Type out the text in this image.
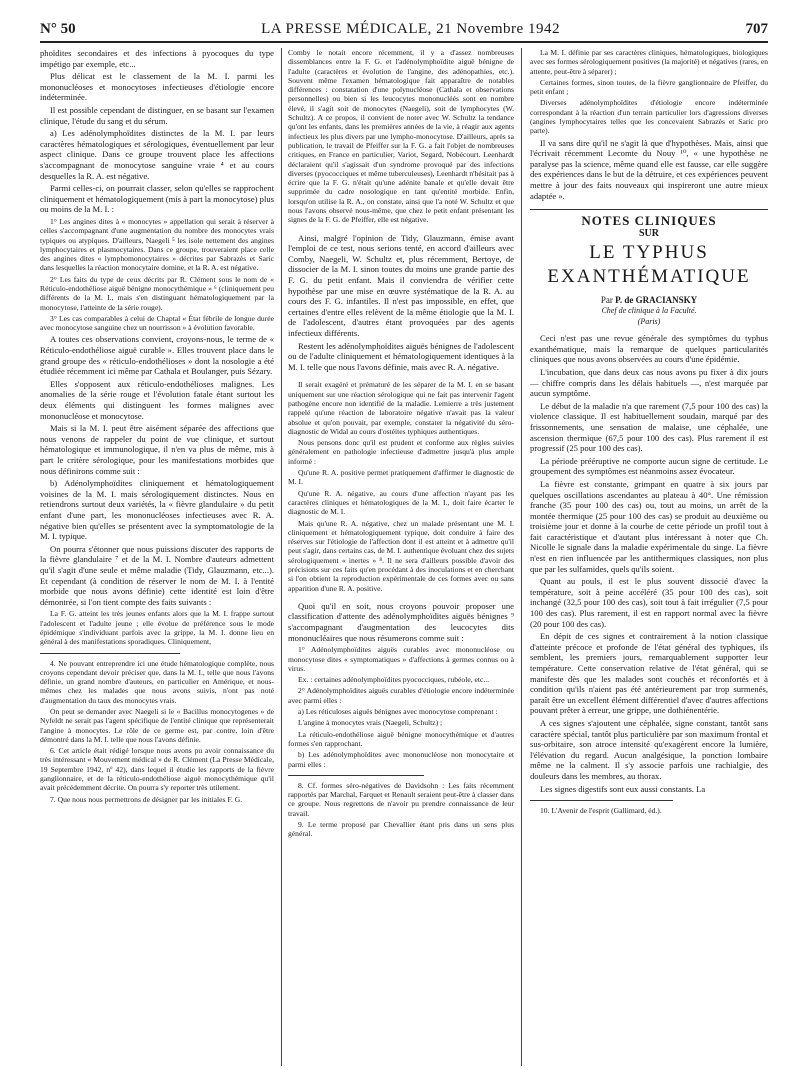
N° 50	LA PRESSE MÉDICALE, 21 Novembre 1942	707

phoïdites secondaires et des infections à pyocoques du type impétigo par exemple, etc...

Plus délicat est le classement de la M. I. parmi les mononucléoses et monocytoses infectieuses d'étiologie encore indéterminée.

Il est possible cependant de distinguer, en se basant sur l'examen clinique, l'étude du sang et du sérum.

a) Les adénolymphoïdites distinctes de la M. I. par leurs caractères hématologiques et sérologiques, éventuellement par leur aspect clinique. Dans ce groupe trouvent place les affections s'accompagnant de monocytose sanguine vraie ⁴ et au cours desquelles la R. A. est négative.

Parmi celles-ci, on pourrait classer, selon qu'elles se rapprochent cliniquement et hématologiquement (mis à part la monocytose) plus ou moins de la M. I. :

1° Les angines dites à « monocytes » appellation qui serait à réserver à celles s'accompagnant d'une augmentation du nombre des monocytes vrais typiques ou atypiques. D'ailleurs, Naegeli ⁵ les isole nettement des angines lymphocytaires et plasmocytaires. Dans ce groupe, trouveraient place celle des angines dites « lymphomonocytaires » décrites par Sabrazès et Saric dans lesquelles la réaction monocytaire domine, et la R. A. est négative.

2° Les faits du type de ceux décrits par R. Clément sous le nom de « Réticulo-endothéliose aiguë bénigne monocythémique » ⁶ (cliniquement peu différents de la M. I., mais s'en distinguant hématologiquement par la monocytose, l'atteinte de la série rouge).

3° Les cas comparables à celui de Chaptal « État fébrile de longue durée avec monocytose sanguine chez un nourrisson » à évolution favorable.

A toutes ces observations convient, croyons-nous, le terme de « Réticulo-endothéliose aiguë curable ». Elles trouvent place dans le grand groupe des « réticulo-endothélioses » dont la nosologie a été étudiée récemment ici même par Cathala et Boulanger, puis Sézary.

Elles s'opposent aux réticulo-endothélioses malignes. Les anomalies de la série rouge et l'évolution fatale étant surtout les deux éléments qui distinguent les formes malignes avec mononucléose et monocytose.

Mais si la M. I. peut être aisément séparée des affections que nous venons de rappeler du point de vue clinique, et surtout hématologique et immunologique, il n'en va plus de même, mis à part le critère sérologique, pour les manifestations morbides que nous définirons comme suit :

b) Adénolymphoïdites cliniquement et hématologiquement voisines de la M. I. mais sérologiquement distinctes. Nous en retiendrons surtout deux variétés, la « fièvre glandulaire » du petit enfant d'une part, les mononucléoses infectieuses avec R. A. négative bien qu'elles se présentent avec la symptomatologie de la M. I. typique.

On pourra s'étonner que nous puissions discuter des rapports de la fièvre glandulaire ⁷ et de la M. I. Nombre d'auteurs admettent qu'il s'agit d'une seule et même maladie (Tidy, Glauzmann, etc...). Et cependant (à condition de réserver le nom de M. I. à l'entité morbide que nous avons définie) cette identité est loin d'être démontrée, si l'on tient compte des faits suivants :

La F. G. atteint les très jeunes enfants alors que la M. I. frappe surtout l'adolescent et l'adulte jeune ; elle évolue de préférence sous le mode épidémique s'individuant parfois avec la grippe, la M. I. donne lieu en général à des manifestations sporadiques. Cliniquement,

4. Ne pouvant entreprendre ici une étude hématologique complète, nous croyons cependant devoir préciser que, dans la M. I., telle que nous l'avons définie, un grand nombre d'auteurs, en particulier en Amérique, et nous-mêmes chez les malades que nous avons suivis, n'ont pas noté d'augmentation du taux des monocytes vrais.

On peut se demander avec Naegeli si le « Bacillus monocytogenes » de Nyfeldt ne serait pas l'agent spécifique de l'entité clinique que représenterait l'angine à monocytes. Le rôle de ce germe est, par contre, loin d'être démontré dans la M. I. telle que nous l'avons définie.

6. Cet article était rédigé lorsque nous avons pu avoir connaissance du très intéressant « Mouvement médical » de R. Clément (La Presse Médicale, 19 Septembre 1942, nº 42), dans lequel il étudie les rapports de la fièvre ganglionnaire, et de la réticulo-endothéliose aiguë monocythémique qu'il avait précédemment décrite. On pourra s'y reporter très utilement.

7. Que nous nous permettrons de désigner par les initiales F. G.

Comby le notait encore récemment, il y a d'assez nombreuses dissemblances entre la F. G. et l'adénolymphoïdite aiguë bénigne de l'adulte (caractères et évolution de l'angine, des adénopathies, etc.). Souvent même l'examen hématologique fait apparaître de notables différences : constatation d'une polynucléose (Cathala et observations personnelles) ou bien si les leucocytes mononucléés sont en nombre élevé, il s'agit soit de monocytes (Naegeli), soit de lymphocytes (W. Schultz). A ce propos, il convient de noter avec W. Schultz la tendance qu'ont les enfants, dans les premières années de la vie, à réagir aux agents infectieux les plus divers par une lympho-monocytose. D'ailleurs, après sa publication, le travail de Pfeiffer sur la F. G. a fait l'objet de nombreuses critiques, en France en particulier, Variot, Segard, Nobécourt. Leenhardt déclaraient qu'il s'agissait d'un syndrome provoqué par des infections diverses (pyococciques et même tuberculeuses), Leenhardt n'hésitait pas à écrire que la F. G. n'était qu'une adénite banale et qu'elle devait être supprimée du cadre nosologique en tant qu'entité morbide. Enfin, lorsqu'on utilise la R. A., on constate, ainsi que l'a noté W. Schultz et que nous l'avons observé nous-même, que chez le petit enfant présentant les signes de la F. G. de Pfeiffer, elle est négative.

Ainsi, malgré l'opinion de Tidy, Glauzmann, émise avant l'emploi de ce test, nous serions tenté, en accord d'ailleurs avec Comby, Naegeli, W. Schultz et, plus récemment, Bertoye, de dissocier de la M. I. sinon toutes du moins une grande partie des F. G. du petit enfant. Mais il conviendra de vérifier cette hypothèse par une mise en œuvre systématique de la R. A. au cours des F. G. infantiles. Il n'est pas impossible, en effet, que certaines d'entre elles relèvent de la même étiologie que la M. I. de l'adolescent, d'autres étant provoquées par des agents infectieux différents.

Restent les adénolymphoïdites aiguës bénignes de l'adolescent ou de l'adulte cliniquement et hématologiquement identiques à la M. I. telle que nous l'avons définie, mais avec R. A. négative.

Il serait exagéré et prématuré de les séparer de la M. I. en se basant uniquement sur une réaction sérologique qui ne fait pas intervenir l'agent pathogène encore non identifié de la maladie. Lemierre a très justement rappelé qu'une réaction de laboratoire négative n'avait pas la valeur absolue et qu'on pouvait, par exemple, constater la négativité du séro-diagnostic de Widal au cours d'ostéites typhiques authentiques.

Nous pensons donc qu'il est prudent et conforme aux règles suivies généralement en pathologie infectieuse d'admettre jusqu'à plus ample informé :

Qu'une R. A. positive permet pratiquement d'affirmer le diagnostic de M. I.

Qu'une R. A. négative, au cours d'une affection n'ayant pas les caractères cliniques et hématologiques de la M. I., doit faire écarter le diagnostic de M. I.

Mais qu'une R. A. négative, chez un malade présentant une M. I. cliniquement et hématologiquement typique, doit conduire à faire des réserves sur l'étiologie de l'affection dont il est atteint et à admettre qu'il peut s'agir, dans certains cas, de M. I. authentique évoluant chez des sujets sérologiquement « inertes » ⁸. Il ne sera d'ailleurs possible d'avoir des précisions sur ces faits qu'en procédant à des inoculations et en cherchant si l'on obtient la reproduction expérimentale de ces formes avec ou sans apparition d'une R. A. positive.

Quoi qu'il en soit, nous croyons pouvoir proposer une classification d'attente des adénolymphoïdites aiguës bénignes ⁹ s'accompagnant d'augmentation des leucocytes dits mononucléaires que nous résumerons comme suit :

1° Adénolymphoïdites aiguës curables avec mononucléose ou monocytose dites « symptomatiques » d'affections à germes connus ou à virus.

Ex. : certaines adénolymphoïdites pyococciques, rubéole, etc...

2° Adénolymphoïdites aiguës curables d'étiologie encore indéterminée avec parmi elles :

a) Les réticuloses aiguës bénignes avec monocytose comprenant :

L'angine à monocytes vrais (Naegeli, Schultz) ;

La réticulo-endothéliose aiguë bénigne monocythémique et d'autres formes s'en rapprochant.

b) Les adénolymphoïdites avec mononucléose non monocytaire et parmi elles :

8. Cf. formes séro-négatives de Davidsohn : Les faits récemment rapportés par Marchal, Farquet et Renault seraient peut-être à classer dans ce groupe. Nous regrettons de n'avoir pu prendre connaissance de leur travail.

9. Le terme proposé par Chevallier étant pris dans un sens plus général.

La M. I. définie par ses caractères cliniques, hématologiques, biologiques avec ses formes sérologiquement positives (la majorité) et négatives (rares, en attente, peut-être à séparer) ;

Certaines formes, sinon toutes, de la fièvre ganglionnaire de Pfeiffer, du petit enfant ;

Diverses adénolymphoïdites d'étiologie encore indéterminée correspondant à la réaction d'un terrain particulier lors d'agressions diverses (angines lymphocytaires telles que les concevaient Sabrazès et Saric pro parte).

Il va sans dire qu'il ne s'agit là que d'hypothèses. Mais, ainsi que l'écrivait récemment Lecomte du Nouy ¹⁰, « une hypothèse ne paralyse pas la science, même quand elle est fausse, car elle suggère des expériences dans le but de la détruire, et ces expériences peuvent mettre à jour des faits nouveaux qui inspireront une autre mieux adaptée ».

NOTES CLINIQUES
SUR
LE TYPHUS
EXANTHÉMATIQUE
Par P. de GRACIANSKY
Chef de clinique à la Faculté.
(Paris)

Ceci n'est pas une revue générale des symptômes du typhus exanthématique, mais la remarque de quelques particularités cliniques que nous avons observées au cours d'une épidémie.

L'incubation, que dans deux cas nous avons pu fixer à dix jours — chiffre compris dans les délais habituels —, n'est marquée par aucun symptôme.

Le début de la maladie n'a que rarement (7,5 pour 100 des cas) la violence classique. Il est habituellement soudain, marqué par des frissonnements, une sensation de malaise, une céphalée, une ascension thermique (67,5 pour 100 des cas). Plus rarement il est progressif (25 pour 100 des cas).

La période prééruptive ne comporte aucun signe de certitude. Le groupement des symptômes est néanmoins assez évocateur.

La fièvre est constante, grimpant en quatre à six jours par quelques oscillations ascendantes au plateau à 40°. Une rémission franche (35 pour 100 des cas) ou, tout au moins, un arrêt de la montée thermique (25 pour 100 des cas) se produit au deuxième ou troisième jour et donne à la courbe de cette période un profil tout à fait caractéristique et d'autant plus intéressant à noter que Ch. Nicolle le signale dans la maladie expérimentale du singe. La fièvre n'est en rien influencée par les antithermiques classiques, non plus que par les sulfamides, quels qu'ils soient.

Quant au pouls, il est le plus souvent dissocié d'avec la température, soit à peine accéléré (35 pour 100 des cas), soit inchangé (32,5 pour 100 des cas), soit tout à fait irrégulier (7,5 pour 100 des cas). Plus rarement, il est en rapport normal avec la fièvre (20 pour 100 des cas).

En dépit de ces signes et contrairement à la notion classique d'atteinte précoce et profonde de l'état général des typhiques, ils semblent, les premiers jours, remarquablement supporter leur température. Cette conservation relative de l'état général, qui se manifeste dès que les malades sont couchés et réconfortés et à condition qu'ils n'aient pas été antérieurement par trop surmenés, paraît être un excellent élément différentiel d'avec d'autres affections pouvant prêter à erreur, une grippe, une dothiénentérie.

A ces signes s'ajoutent une céphalée, signe constant, tantôt sans caractère spécial, tantôt plus particulière par son maximum frontal et sus-orbitaire, son atroce intensité qu'exagèrent encore la lumière, l'élévation du regard. Aucun analgésique, la ponction lombaire même ne la calment. Il s'y associe parfois une rachialgie, des douleurs dans les membres, au thorax.

Les signes digestifs sont eux aussi constants. La

10. L'Avenir de l'esprit (Gallimard, éd.).
